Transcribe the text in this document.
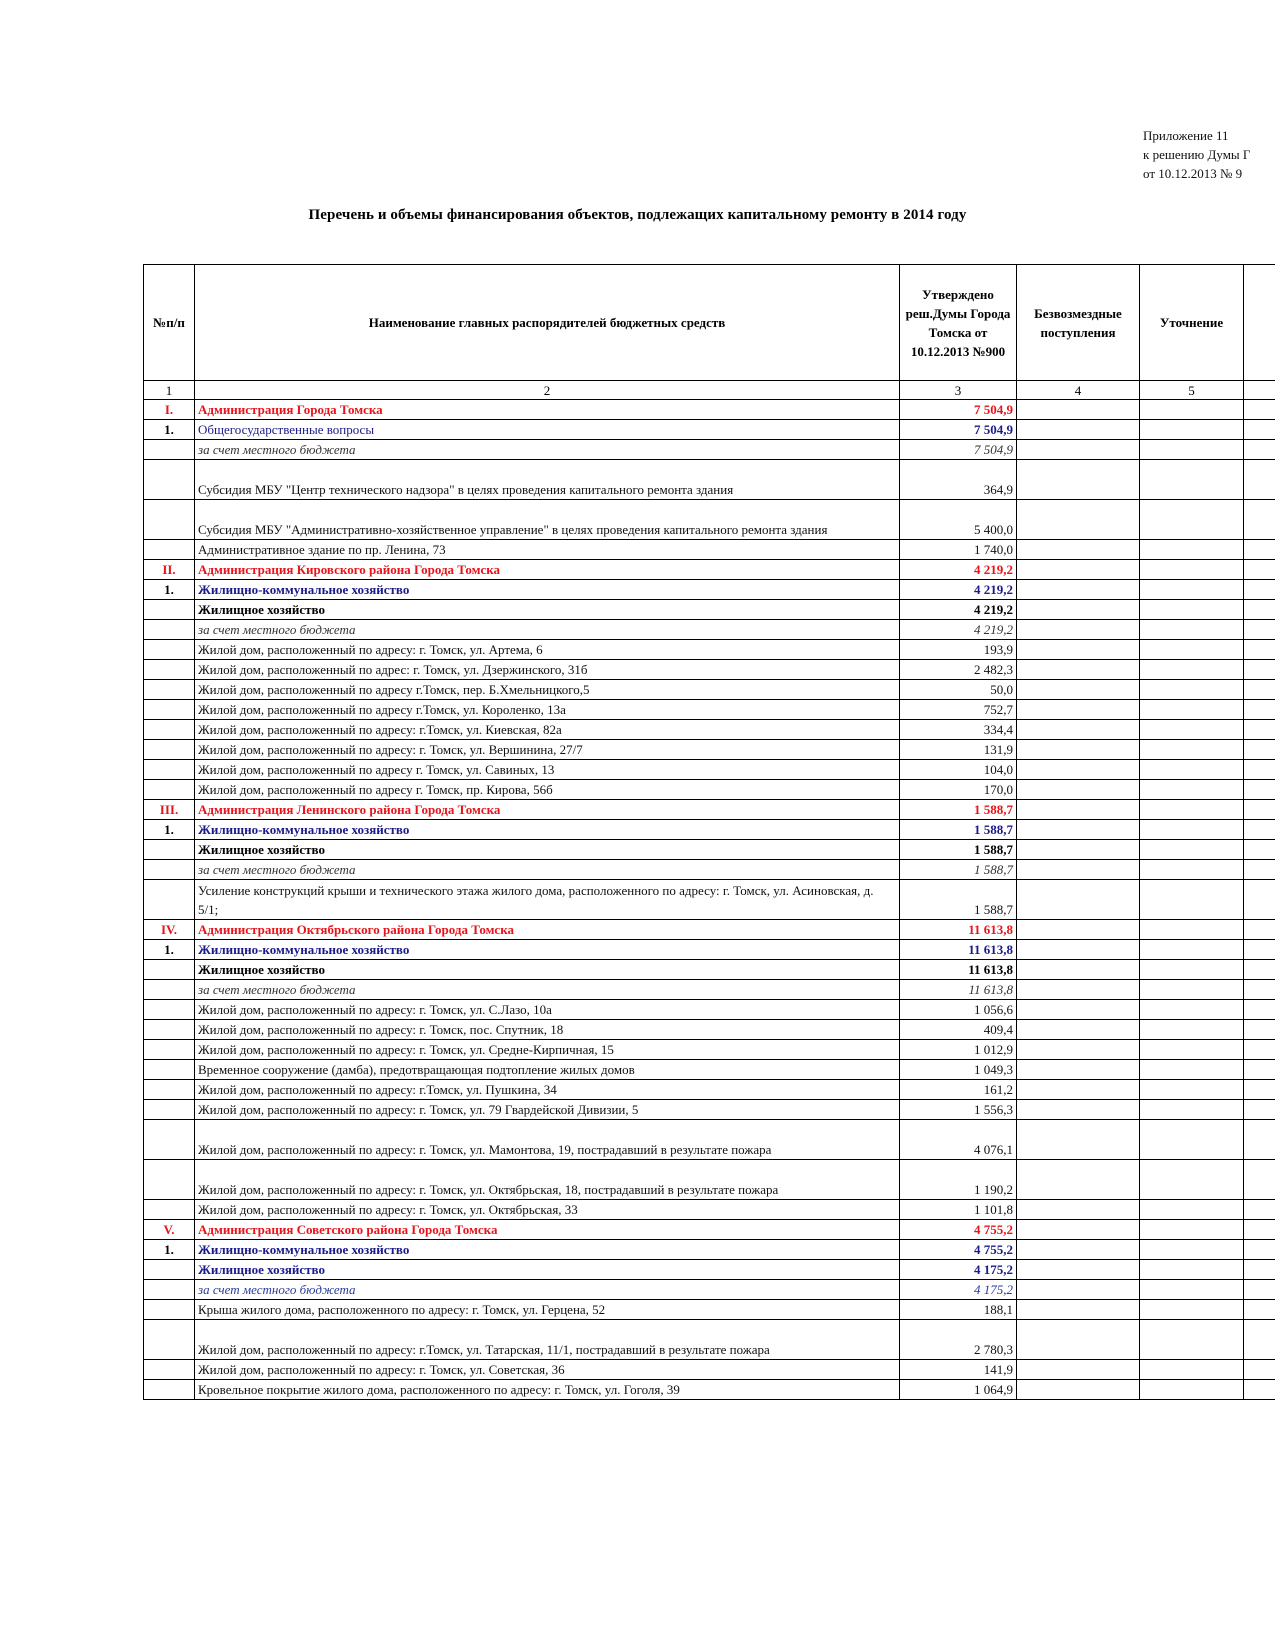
Приложение 11
к решению Думы Г
от 10.12.2013 № 9
Перечень и объемы финансирования объектов, подлежащих капитальному ремонту в 2014 году
№п/п	Наименование главных распорядителей бюджетных средств	Утверждено реш.Думы Города Томска от 10.12.2013 №900	Безвозмездные поступления	Уточнение	
1	2	3	4	5	
I.	Администрация Города Томска	7 504,9			
1.	Общегосударственные вопросы	7 504,9			
	за счет местного бюджета	7 504,9			
	Субсидия МБУ "Центр технического надзора" в целях проведения капитального ремонта здания	364,9			
	Субсидия МБУ "Административно-хозяйственное управление" в целях проведения капитального ремонта здания	5 400,0			
	Административное здание по пр. Ленина, 73	1 740,0			
II.	Администрация Кировского района Города Томска	4 219,2			
1.	Жилищно-коммунальное хозяйство	4 219,2			
	Жилищное хозяйство	4 219,2			
	за счет местного бюджета	4 219,2			
	Жилой дом, расположенный по адресу: г. Томск, ул. Артема, 6	193,9			
	Жилой дом, расположенный по адрес: г. Томск, ул. Дзержинского, 31б	2 482,3			
	Жилой дом, расположенный по адресу г.Томск, пер. Б.Хмельницкого,5	50,0			
	Жилой дом, расположенный по адресу г.Томск, ул. Короленко, 13а	752,7			
	Жилой дом, расположенный по адресу: г.Томск, ул. Киевская, 82а	334,4			
	Жилой дом, расположенный по адресу: г. Томск, ул. Вершинина, 27/7	131,9			
	Жилой дом, расположенный по адресу г. Томск, ул. Савиных, 13	104,0			
	Жилой дом, расположенный по адресу г. Томск, пр. Кирова, 56б	170,0			
III.	Администрация Ленинского района Города Томска	1 588,7			
1.	Жилищно-коммунальное хозяйство	1 588,7			
	Жилищное хозяйство	1 588,7			
	за счет местного бюджета	1 588,7			
	Усиление конструкций крыши и технического этажа жилого дома, расположенного по адресу: г. Томск, ул. Асиновская, д. 5/1;	1 588,7			
IV.	Администрация Октябрьского района Города Томска	11 613,8			
1.	Жилищно-коммунальное хозяйство	11 613,8			
	Жилищное хозяйство	11 613,8			
	за счет местного бюджета	11 613,8			
	Жилой дом, расположенный по адресу: г. Томск, ул. С.Лазо, 10а	1 056,6			
	Жилой дом, расположенный по адресу: г. Томск, пос. Спутник, 18	409,4			
	Жилой дом, расположенный по адресу: г. Томск, ул. Средне-Кирпичная, 15	1 012,9			
	Временное сооружение (дамба), предотвращающая подтопление жилых домов	1 049,3			
	Жилой дом, расположенный по адресу: г.Томск, ул. Пушкина, 34	161,2			
	Жилой дом, расположенный по адресу: г. Томск, ул. 79 Гвардейской Дивизии, 5	1 556,3			
	Жилой дом, расположенный по адресу: г. Томск, ул. Мамонтова, 19, пострадавший в результате пожара	4 076,1			
	Жилой дом, расположенный по адресу: г. Томск, ул. Октябрьская, 18, пострадавший в результате пожара	1 190,2			
	Жилой дом, расположенный по адресу: г. Томск, ул. Октябрьская, 33	1 101,8			
V.	Администрация Советского района Города Томска	4 755,2			
1.	Жилищно-коммунальное хозяйство	4 755,2			
	Жилищное хозяйство	4 175,2			
	за счет местного бюджета	4 175,2			
	Крыша жилого дома, расположенного по адресу: г. Томск, ул. Герцена, 52	188,1			
	Жилой дом, расположенный по адресу: г.Томск, ул. Татарская, 11/1, пострадавший в результате пожара	2 780,3			
	Жилой дом, расположенный по адресу: г. Томск, ул. Советская, 36	141,9			
	Кровельное покрытие жилого дома, расположенного по адресу: г. Томск, ул. Гоголя, 39	1 064,9			
